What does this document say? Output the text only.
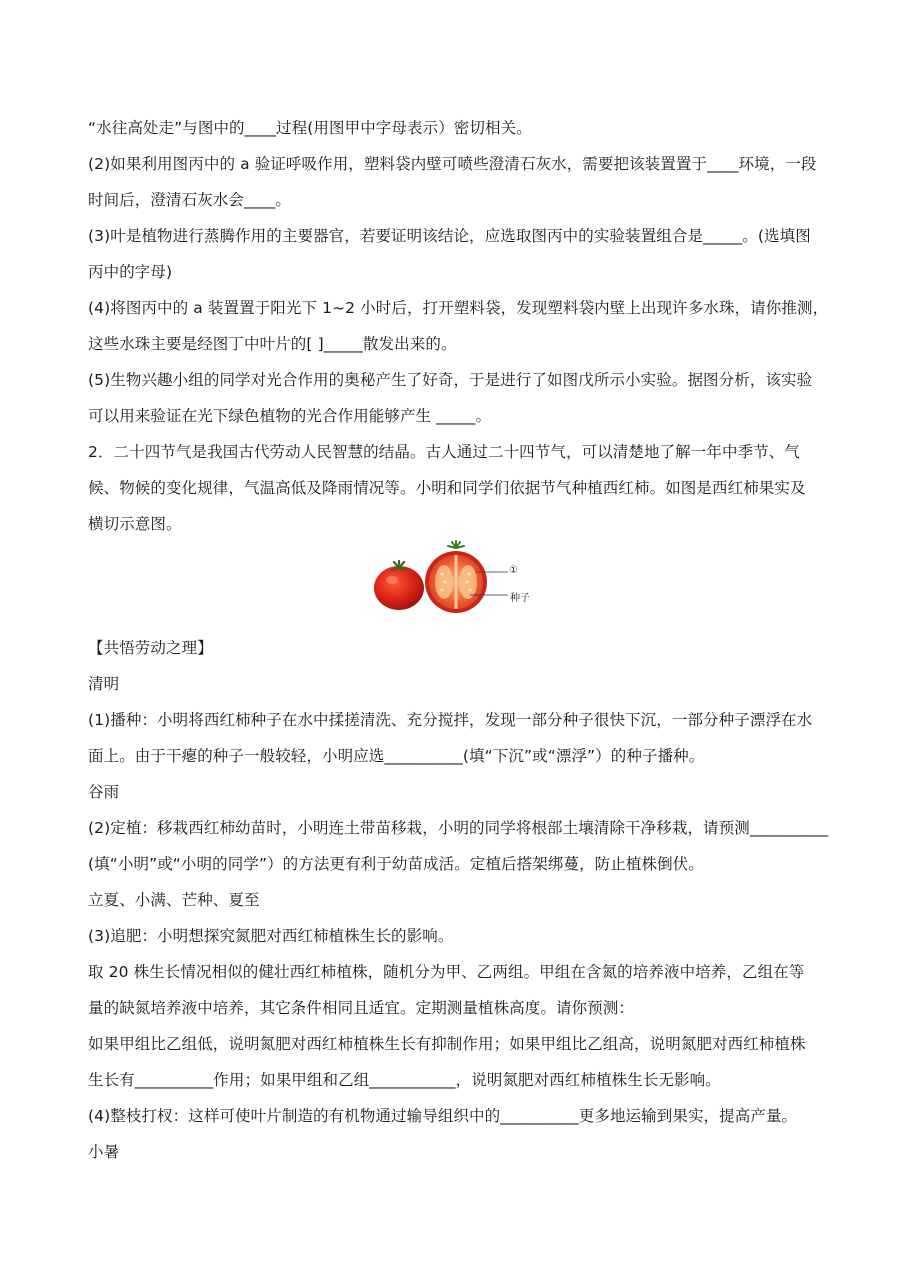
“水往高处走”与图中的____过程(用图甲中字母表示）密切相关。
(2)如果利用图丙中的 a 验证呼吸作用，塑料袋内壁可喷些澄清石灰水，需要把该装置置于____环境，一段
时间后，澄清石灰水会____。
(3)叶是植物进行蒸腾作用的主要器官，若要证明该结论，应选取图丙中的实验装置组合是_____。(选填图
丙中的字母)
(4)将图丙中的 a 装置置于阳光下 1~2 小时后，打开塑料袋，发现塑料袋内壁上出现许多水珠，请你推测，
这些水珠主要是经图丁中叶片的[ ]_____散发出来的。
(5)生物兴趣小组的同学对光合作用的奥秘产生了好奇，于是进行了如图戊所示小实验。据图分析，该实验
可以用来验证在光下绿色植物的光合作用能够产生 _____。
2．二十四节气是我国古代劳动人民智慧的结晶。古人通过二十四节气，可以清楚地了解一年中季节、气
候、物候的变化规律，气温高低及降雨情况等。小明和同学们依据节气种植西红柿。如图是西红柿果实及
横切示意图。
①
种子
【共悟劳动之理】
清明
(1)播种：小明将西红柿种子在水中揉搓清洗、充分搅拌，发现一部分种子很快下沉，一部分种子漂浮在水
面上。由于干瘪的种子一般较轻，小明应选__________(填“下沉”或“漂浮”）的种子播种。
谷雨
(2)定植：移栽西红柿幼苗时，小明连土带苗移栽，小明的同学将根部土壤清除干净移栽，请预测__________
(填“小明”或“小明的同学”）的方法更有利于幼苗成活。定植后搭架绑蔓，防止植株倒伏。
立夏、小满、芒种、夏至
(3)追肥：小明想探究氮肥对西红柿植株生长的影响。
取 20 株生长情况相似的健壮西红柿植株，随机分为甲、乙两组。甲组在含氮的培养液中培养，乙组在等
量的缺氮培养液中培养，其它条件相同且适宜。定期测量植株高度。请你预测：
如果甲组比乙组低，说明氮肥对西红柿植株生长有抑制作用；如果甲组比乙组高，说明氮肥对西红柿植株
生长有__________作用；如果甲组和乙组___________，说明氮肥对西红柿植株生长无影响。
(4)整枝打杈：这样可使叶片制造的有机物通过输导组织中的__________更多地运输到果实，提高产量。
小暑
